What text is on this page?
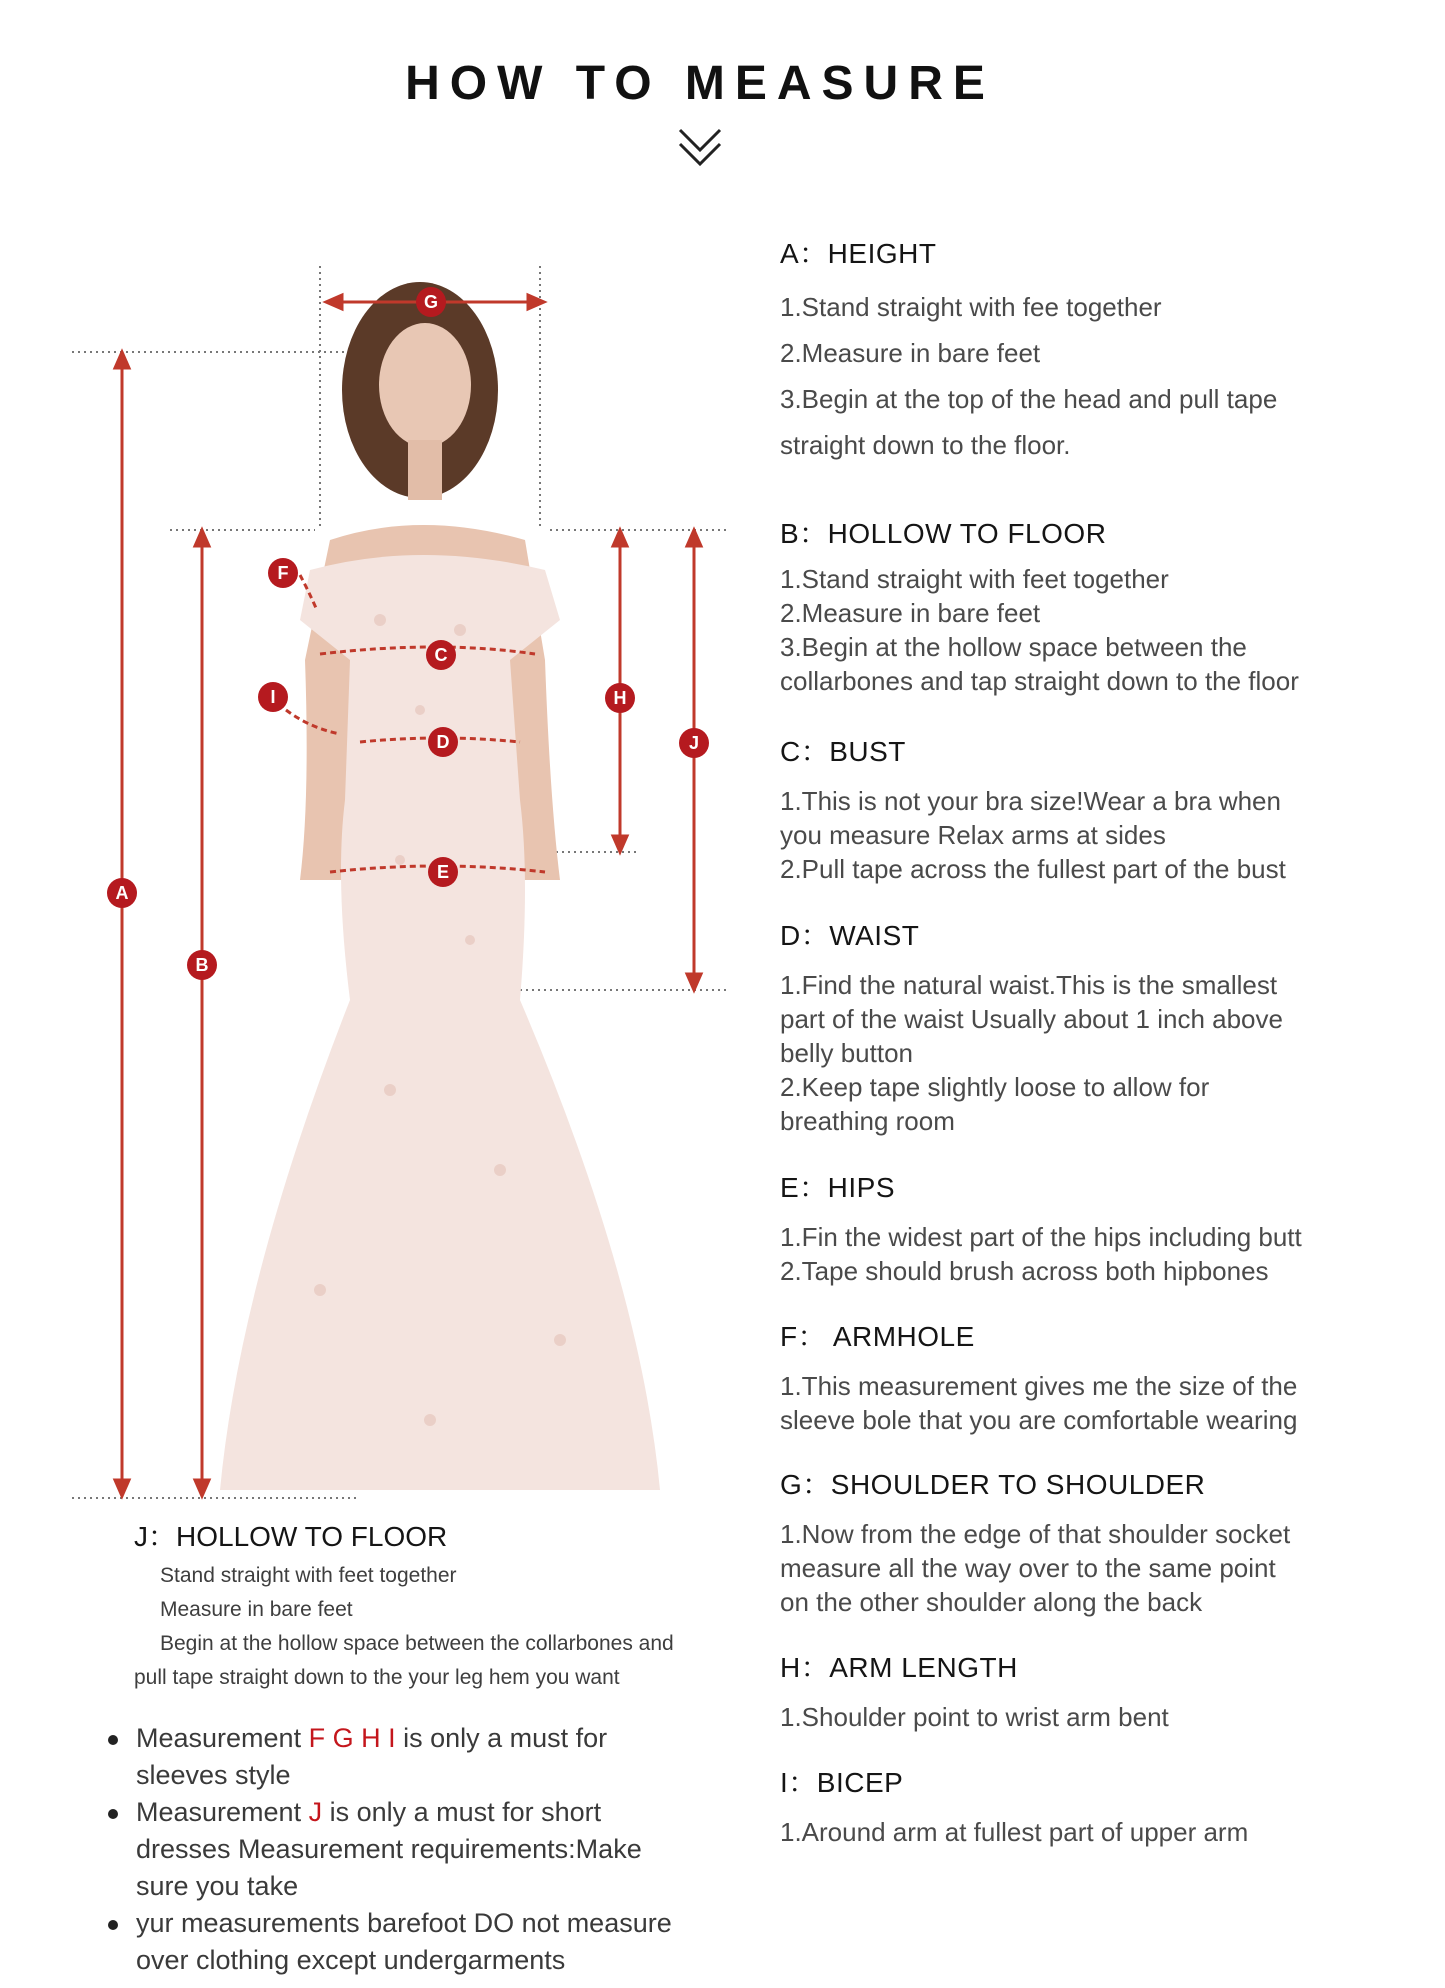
HOW TO MEASURE
G
F
C
I
D
H
J
E
A
B
A：HEIGHT
1.Stand straight with fee together
2.Measure in bare feet
3.Begin at the top of the head and pull tape
straight down to the floor.
B：HOLLOW TO FLOOR
1.Stand straight with feet together
2.Measure in bare feet
3.Begin at the hollow space between the
collarbones and tap straight down to the floor
C：BUST
1.This is not your bra size!Wear a bra when
you measure Relax arms at sides
2.Pull tape across the fullest part of the bust
D：WAIST
1.Find the natural waist.This is the smallest
part of the waist Usually about 1 inch above
belly button
2.Keep tape slightly loose to allow for
breathing room
E：HIPS
1.Fin the widest part of the hips including butt
2.Tape should brush across both hipbones
F： ARMHOLE
1.This measurement gives me the size of the
sleeve bole that you are comfortable wearing
G：SHOULDER TO SHOULDER
1.Now from the edge of that shoulder socket
measure all the way over to the same point
on the other shoulder along the back
H：ARM LENGTH
1.Shoulder point to wrist arm bent
I：BICEP
1.Around arm at fullest part of upper arm
J：HOLLOW TO FLOOR
Stand straight with feet together
Measure in bare feet
Begin at the hollow space between the collarbones and
pull tape straight down to the your leg hem you want
Measurement F G H I is only a must for
sleeves style
Measurement J is only a must for short
dresses Measurement requirements:Make
sure you take
yur measurements barefoot DO not measure
over clothing except undergarments
